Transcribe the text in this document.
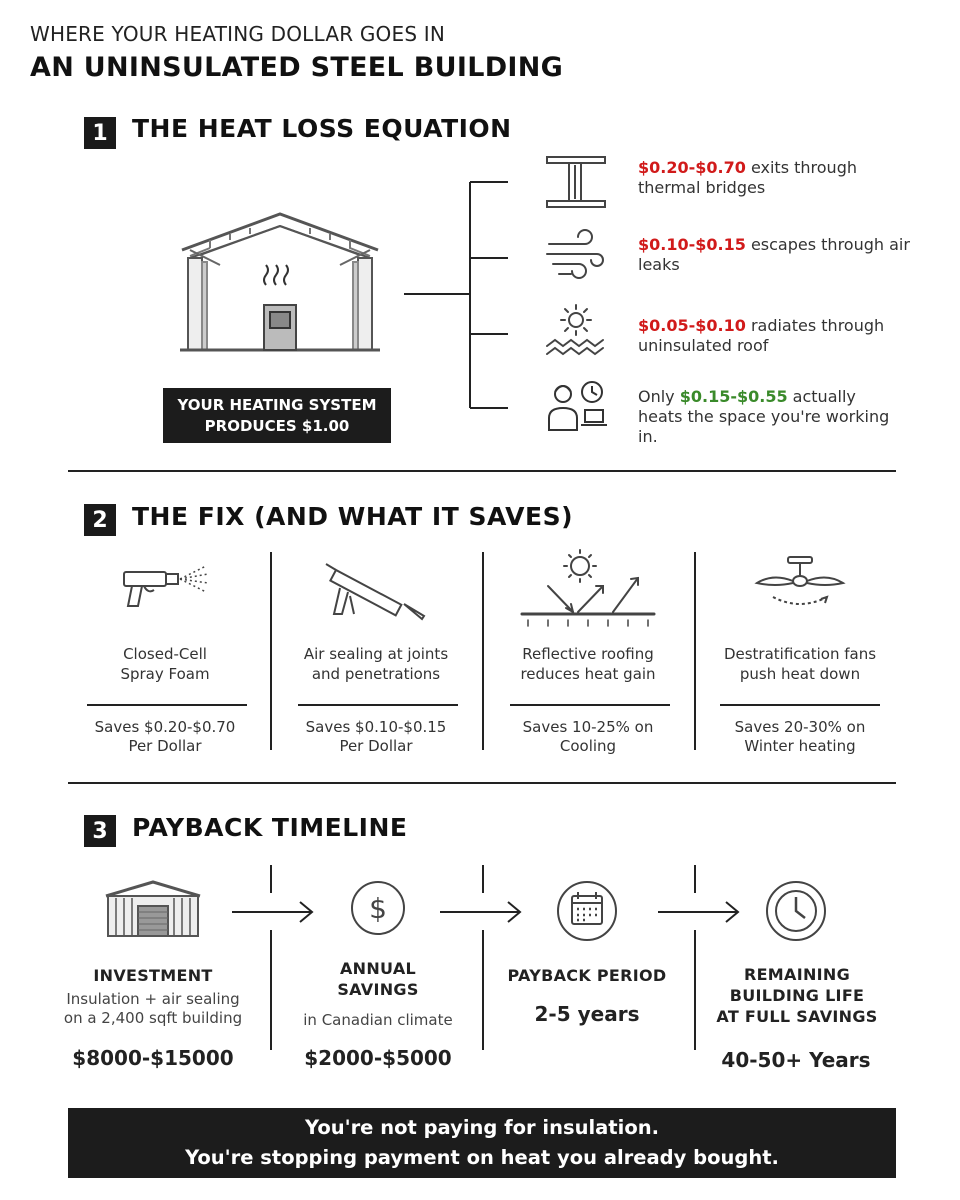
WHERE YOUR HEATING DOLLAR GOES IN
AN UNINSULATED STEEL BUILDING
1 THE HEAT LOSS EQUATION
YOUR HEATING SYSTEM
PRODUCES $1.00
$0.20-$0.70 exits through thermal bridges
$0.10-$0.15 escapes through air leaks
$0.05-$0.10 radiates through uninsulated roof
Only $0.15-$0.55 actually heats the space you're working in.
2 THE FIX (AND WHAT IT SAVES)
Closed-Cell
Spray Foam
Air sealing at joints
and penetrations
Reflective roofing
reduces heat gain
Destratification fans
push heat down
Saves $0.20-$0.70
Per Dollar
Saves $0.10-$0.15
Per Dollar
Saves 10-25% on
Cooling
Saves 20-30% on
Winter heating
3 PAYBACK TIMELINE
$
INVESTMENT
Insulation + air sealing
on a 2,400 sqft building
$8000-$15000
ANNUAL
SAVINGS
in Canadian climate
$2000-$5000
PAYBACK PERIOD
2-5 years
REMAINING
BUILDING LIFE
AT FULL SAVINGS
40-50+ Years
You're not paying for insulation.
You're stopping payment on heat you already bought.
